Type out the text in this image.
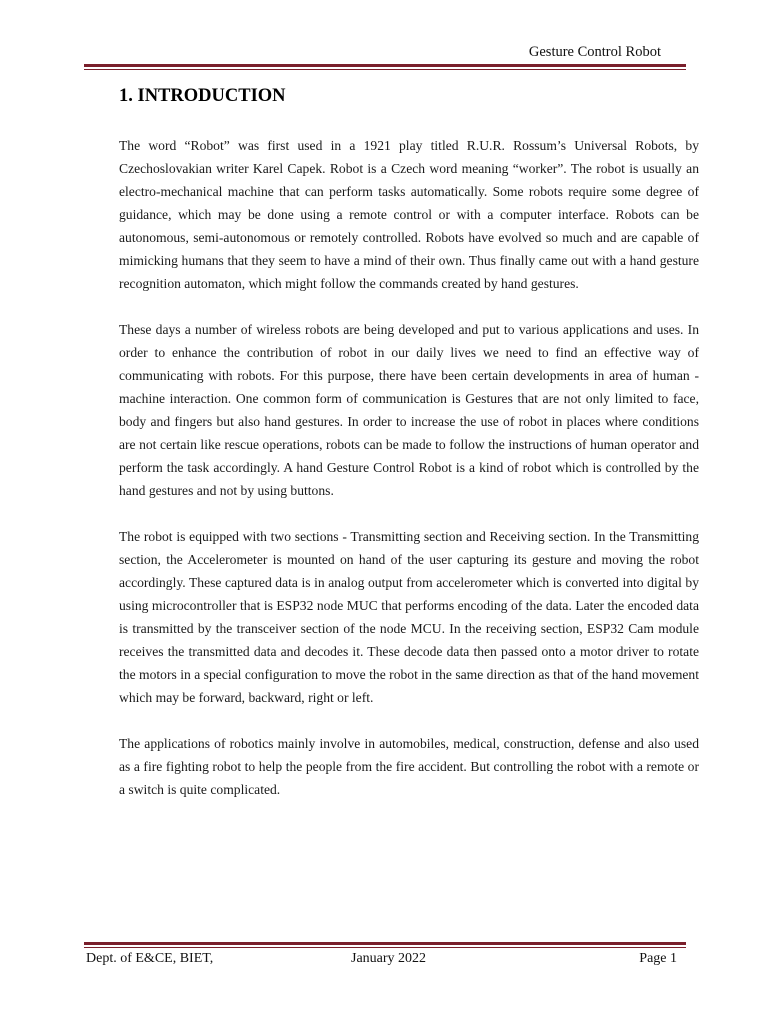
Gesture Control Robot
1. INTRODUCTION

The word “Robot” was first used in a 1921 play titled R.U.R. Rossum’s Universal Robots, by Czechoslovakian writer Karel Capek. Robot is a Czech word meaning “worker”. The robot is usually an electro-mechanical machine that can perform tasks automatically. Some robots require some degree of guidance, which may be done using a remote control or with a computer interface. Robots can be autonomous, semi-autonomous or remotely controlled. Robots have evolved so much and are capable of mimicking humans that they seem to have a mind of their own. Thus finally came out with a hand gesture recognition automaton, which might follow the commands created by hand gestures.

These days a number of wireless robots are being developed and put to various applications and uses. In order to enhance the contribution of robot in our daily lives we need to find an effective way of communicating with robots. For this purpose, there have been certain developments in area of human -machine interaction. One common form of communication is Gestures that are not only limited to face, body and fingers but also hand gestures. In order to increase the use of robot in places where conditions are not certain like rescue operations, robots can be made to follow the instructions of human operator and perform the task accordingly. A hand Gesture Control Robot is a kind of robot which is controlled by the hand gestures and not by using buttons.

The robot is equipped with two sections - Transmitting section and Receiving section. In the Transmitting section, the Accelerometer is mounted on hand of the user capturing its gesture and moving the robot accordingly. These captured data is in analog output from accelerometer which is converted into digital by using microcontroller that is ESP32 node MUC that performs encoding of the data. Later the encoded data is transmitted by the transceiver section of the node MCU. In the receiving section, ESP32 Cam module receives the transmitted data and decodes it. These decode data then passed onto a motor driver to rotate the motors in a special configuration to move the robot in the same direction as that of the hand movement which may be forward, backward, right or left.

The applications of robotics mainly involve in automobiles, medical, construction, defense and also used as a fire fighting robot to help the people from the fire accident. But controlling the robot with a remote or a switch is quite complicated.

Dept. of E&CE, BIET,	January 2022	Page 1
